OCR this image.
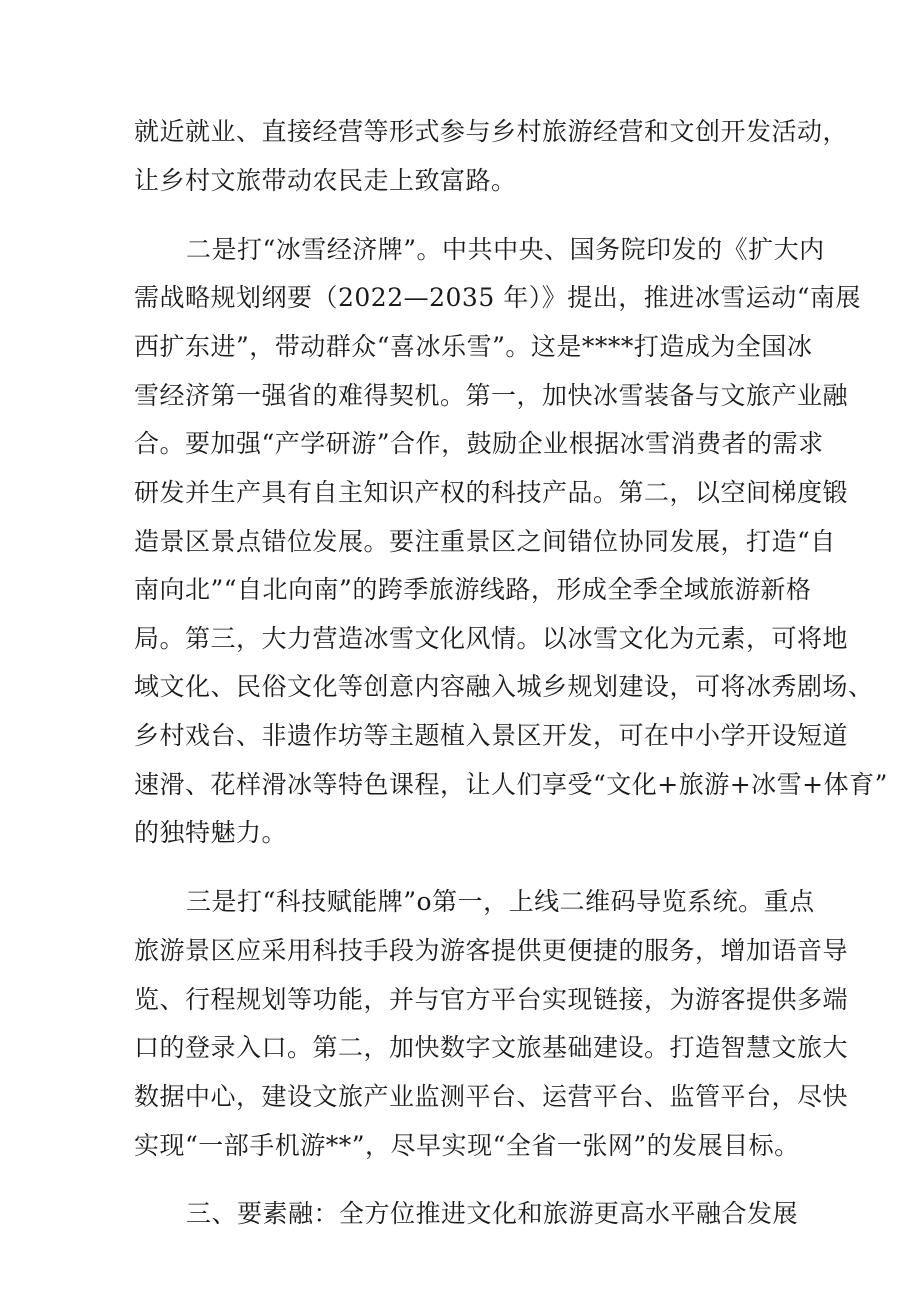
就近就业、直接经营等形式参与乡村旅游经营和文创开发活动，
让乡村文旅带动农民走上致富路。
二是打“冰雪经济牌”。中共中央、国务院印发的《扩大内
需战略规划纲要（2022—2035 年）》提出，推进冰雪运动“南展
西扩东进”，带动群众“喜冰乐雪”。这是****打造成为全国冰
雪经济第一强省的难得契机。第一，加快冰雪装备与文旅产业融
合。要加强“产学研游”合作，鼓励企业根据冰雪消费者的需求
研发并生产具有自主知识产权的科技产品。第二，以空间梯度锻
造景区景点错位发展。要注重景区之间错位协同发展，打造“自
南向北”“自北向南”的跨季旅游线路，形成全季全域旅游新格
局。第三，大力营造冰雪文化风情。以冰雪文化为元素，可将地
域文化、民俗文化等创意内容融入城乡规划建设，可将冰秀剧场、
乡村戏台、非遗作坊等主题植入景区开发，可在中小学开设短道
速滑、花样滑冰等特色课程，让人们享受“文化+旅游+冰雪+体育”
的独特魅力。
三是打“科技赋能牌”o第一，上线二维码导览系统。重点
旅游景区应采用科技手段为游客提供更便捷的服务，增加语音导
览、行程规划等功能，并与官方平台实现链接，为游客提供多端
口的登录入口。第二，加快数字文旅基础建设。打造智慧文旅大
数据中心，建设文旅产业监测平台、运营平台、监管平台，尽快
实现“一部手机游**”，尽早实现“全省一张网”的发展目标。
三、要素融：全方位推进文化和旅游更高水平融合发展
